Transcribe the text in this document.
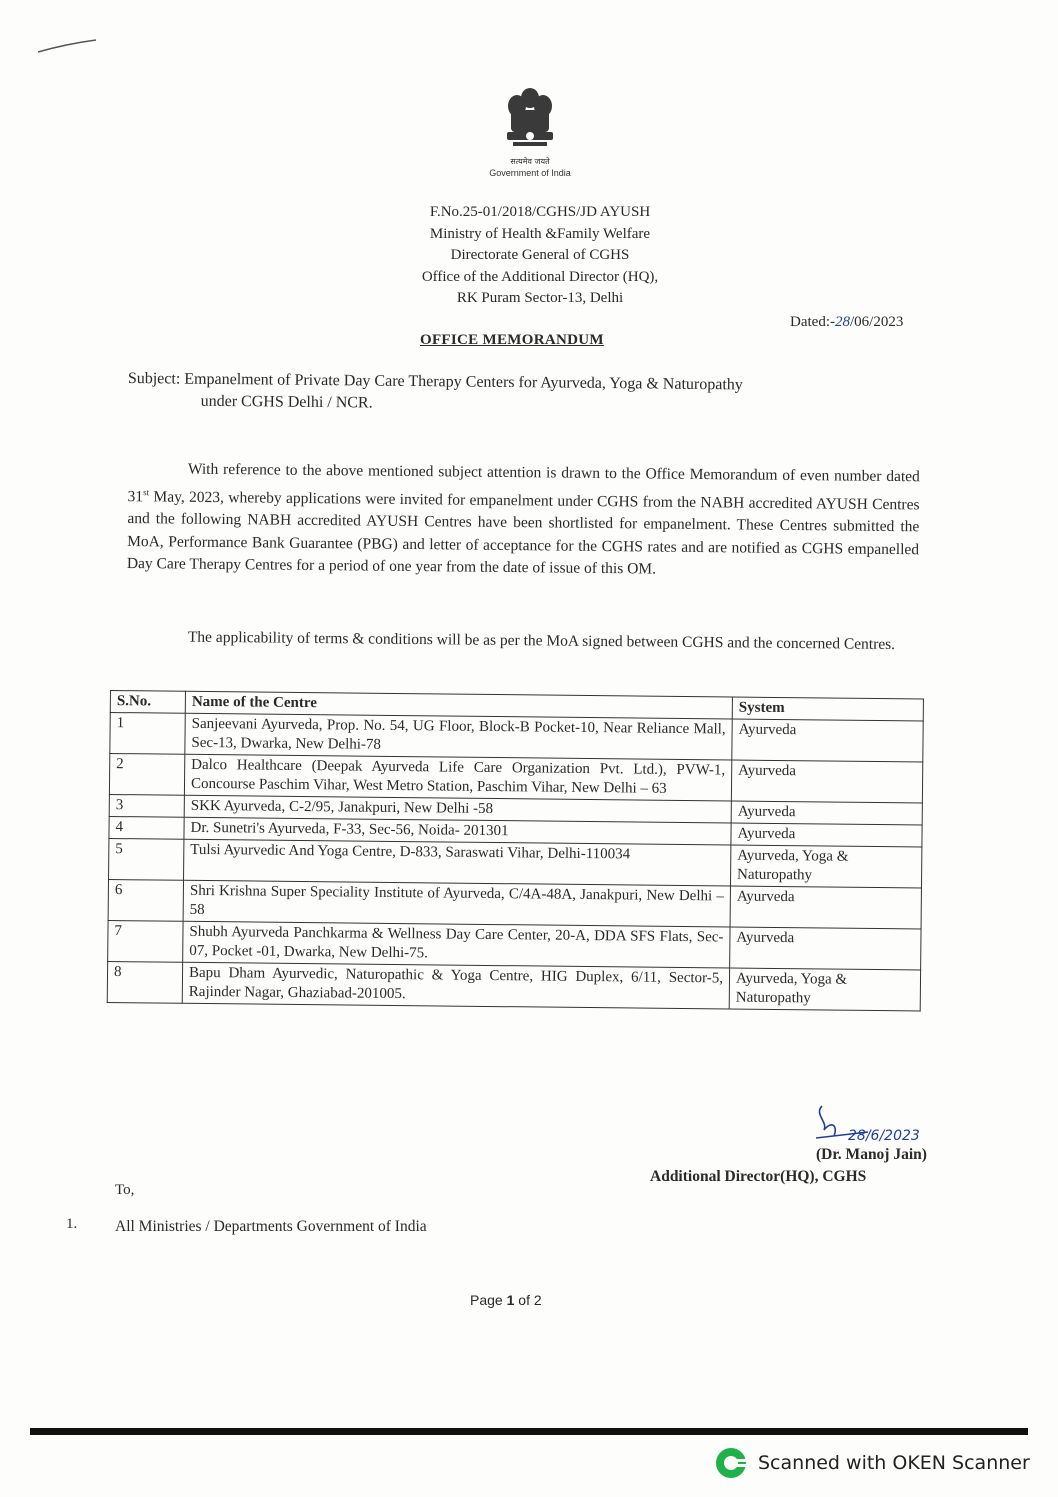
सत्यमेव जयते
Government of India
F.No.25-01/2018/CGHS/JD AYUSH
Ministry of Health &Family Welfare
Directorate General of CGHS
Office of the Additional Director (HQ),
RK Puram Sector-13, Delhi
Dated:-28/06/2023
OFFICE MEMORANDUM
Subject: Empanelment of Private Day Care Therapy Centers for Ayurveda, Yoga & Naturopathy
under CGHS Delhi / NCR.
With reference to the above mentioned subject attention is drawn to the Office Memorandum of even number dated 31st May, 2023, whereby applications were invited for empanelment under CGHS from the NABH accredited AYUSH Centres and the following NABH accredited AYUSH Centres have been shortlisted for empanelment. These Centres submitted the MoA, Performance Bank Guarantee (PBG) and letter of acceptance for the CGHS rates and are notified as CGHS empanelled Day Care Therapy Centres for a period of one year from the date of issue of this OM.
The applicability of terms & conditions will be as per the MoA signed between CGHS and the concerned Centres.
S.No.	Name of the Centre	System
1	Sanjeevani Ayurveda, Prop. No. 54, UG Floor, Block-B Pocket-10, Near Reliance Mall, Sec-13, Dwarka, New Delhi-78	Ayurveda
2	Dalco Healthcare (Deepak Ayurveda Life Care Organization Pvt. Ltd.), PVW-1, Concourse Paschim Vihar, West Metro Station, Paschim Vihar, New Delhi – 63	Ayurveda
3	SKK Ayurveda, C-2/95, Janakpuri, New Delhi -58	Ayurveda
4	Dr. Sunetri's Ayurveda, F-33, Sec-56, Noida- 201301	Ayurveda
5	Tulsi Ayurvedic And Yoga Centre, D-833, Saraswati Vihar, Delhi-110034	Ayurveda, Yoga & Naturopathy
6	Shri Krishna Super Speciality Institute of Ayurveda, C/4A-48A, Janakpuri, New Delhi – 58	Ayurveda
7	Shubh Ayurveda Panchkarma & Wellness Day Care Center, 20-A, DDA SFS Flats, Sec-07, Pocket -01, Dwarka, New Delhi-75.	Ayurveda
8	Bapu Dham Ayurvedic, Naturopathic & Yoga Centre, HIG Duplex, 6/11, Sector-5, Rajinder Nagar, Ghaziabad-201005.	Ayurveda, Yoga & Naturopathy
28/6/2023
(Dr. Manoj Jain)
Additional Director(HQ), CGHS
To,
1. All Ministries / Departments Government of India
Page 1 of 2
Scanned with OKEN Scanner
